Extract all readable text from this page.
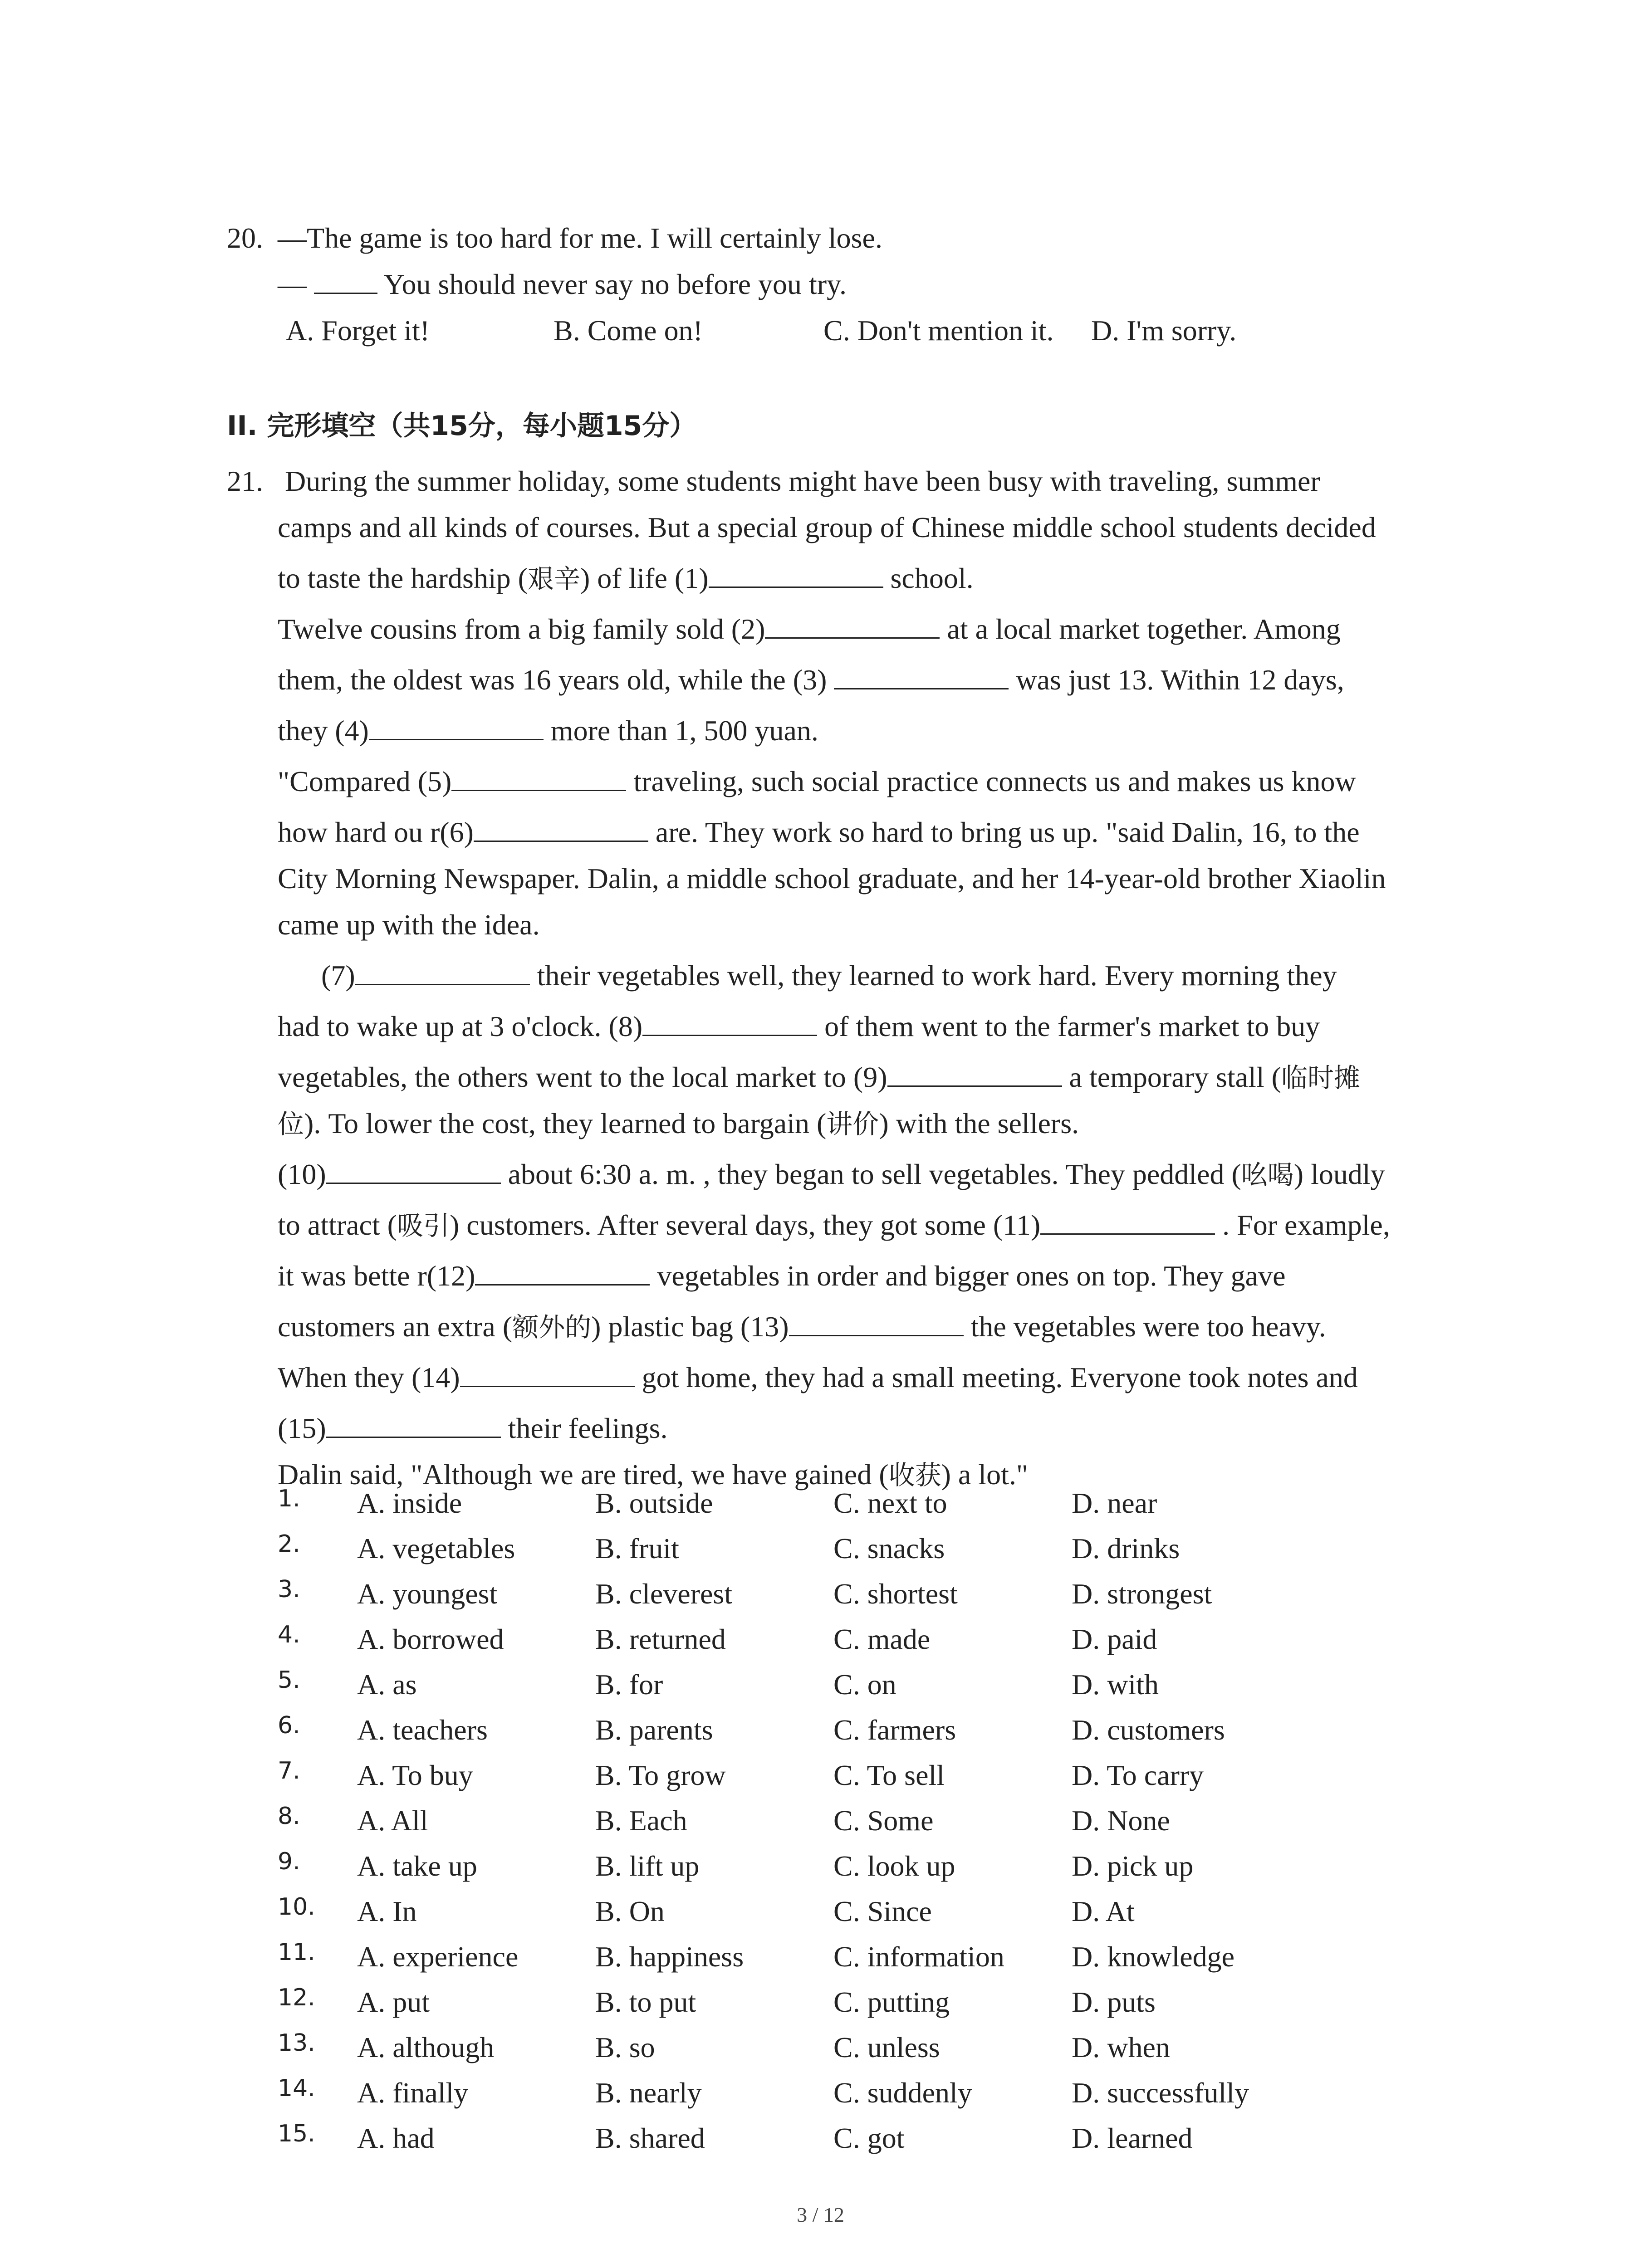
20. —The game is too hard for me. I will certainly lose.
—  You should never say no before you try.
A. Forget it!	B. Come on!	C. Don't mention it. D. I'm sorry.
II. 完形填空（共15分，每小题15分）
21. During the summer holiday, some students might have been busy with traveling, summer
camps and all kinds of courses. But a special group of Chinese middle school students decided
to taste the hardship (艰辛) of life (1)	school.
Twelve cousins from a big family sold (2)	at a local market together. Among
them, the oldest was 16 years old, while the (3)	was just 13. Within 12 days,
they (4)	more than 1, 500 yuan.
"Compared (5)	traveling, such social practice connects us and makes us know
how hard ou r(6)	are. They work so hard to bring us up. "said Dalin, 16, to the
City Morning Newspaper. Dalin, a middle school graduate, and her 14-year-old brother Xiaolin
came up with the idea.
(7)	their vegetables well, they learned to work hard. Every morning they
had to wake up at 3 o'clock. (8)	of them went to the farmer's market to buy
vegetables, the others went to the local market to (9)	a temporary stall (临时摊
位). To lower the cost, they learned to bargain (讲价) with the sellers.
(10)	about 6:30 a. m. , they began to sell vegetables. They peddled (吆喝) loudly
to attract (吸引) customers. After several days, they got some (11)	. For example,
it was bette r(12)	vegetables in order and bigger ones on top. They gave
customers an extra (额外的) plastic bag (13)	the vegetables were too heavy.
When they (14)	got home, they had a small meeting. Everyone took notes and
(15)	their feelings.
Dalin said, "Although we are tired, we have gained (收获) a lot."
1. A. inside	B. outside	C. next to	D. near
2. A. vegetables	B. fruit	C. snacks	D. drinks
3. A. youngest	B. cleverest	C. shortest	D. strongest
4. A. borrowed	B. returned	C. made	D. paid
5. A. as	B. for	C. on	D. with
6. A. teachers	B. parents	C. farmers	D. customers
7. A. To buy	B. To grow	C. To sell	D. To carry
8. A. All	B. Each	C. Some	D. None
9. A. take up	B. lift up	C. look up	D. pick up
10. A. In	B. On	C. Since	D. At
11. A. experience	B. happiness	C. information D. knowledge
12. A. put	B. to put	C. putting	D. puts
13. A. although	B. so	C. unless	D. when
14. A. finally	B. nearly	C. suddenly	D. successfully
15. A. had	B. shared	C. got	D. learned
3 / 12
